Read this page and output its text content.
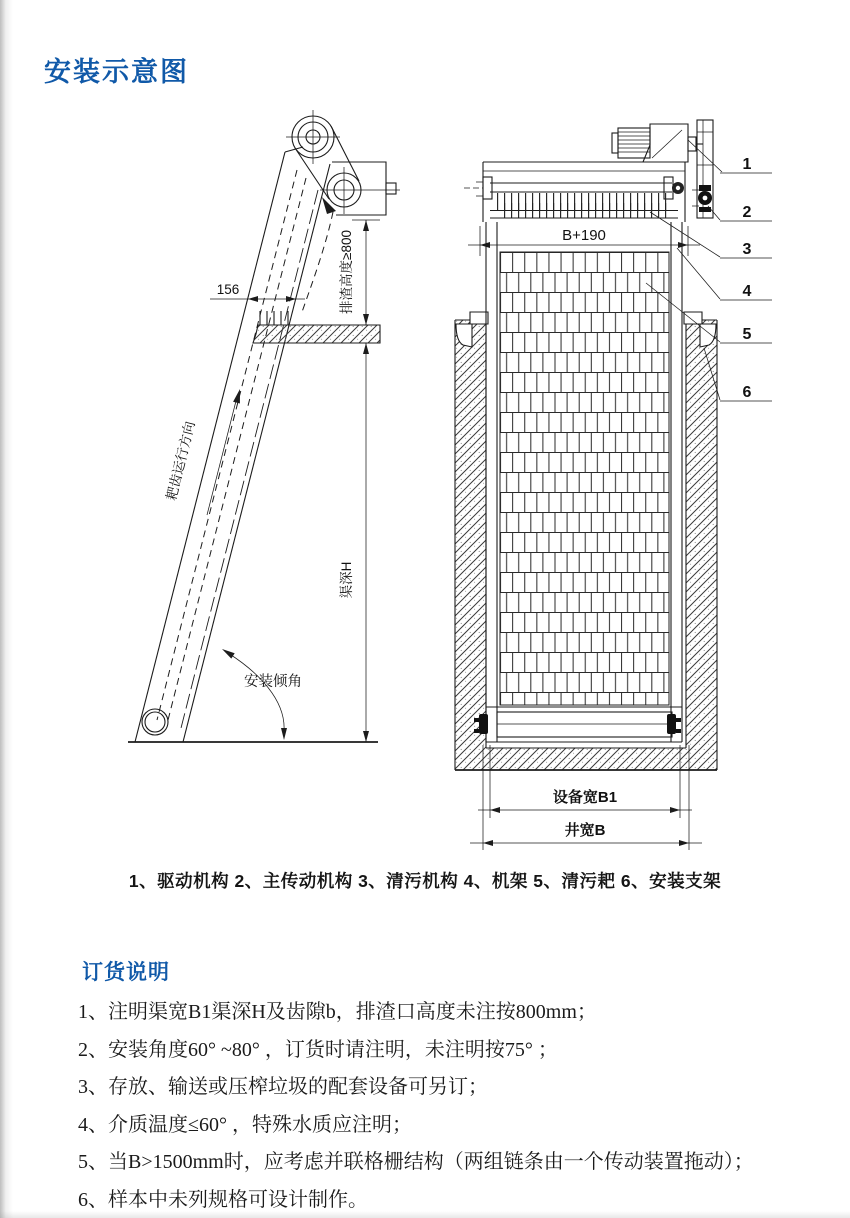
安装示意图
156	排渣高度≥800
渠深H
耙齿运行方向
安装倾角
B+190
设备宽B1
井宽B
1
2
3
4
5
6
1、驱动机构 2、主传动机构 3、清污机构 4、机架 5、清污耙 6、安装支架
订货说明
1、注明渠宽B1渠深H及齿隙b，排渣口高度未注按800mm；
2、安装角度60° ~80° ，订货时请注明，未注明按75° ；
3、存放、输送或压榨垃圾的配套设备可另订；
4、介质温度≤60° ，特殊水质应注明；
5、当B>1500mm时，应考虑并联格栅结构（两组链条由一个传动装置拖动）；
6、样本中未列规格可设计制作。
